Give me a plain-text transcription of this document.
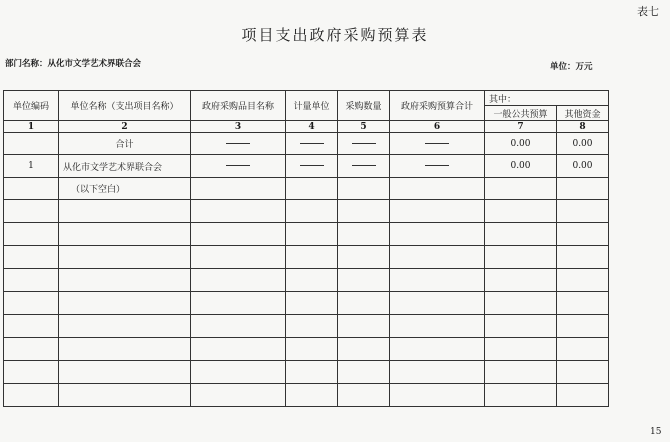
表七
项目支出政府采购预算表
部门名称：从化市文学艺术界联合会	单位：万元
单位编码	单位名称（支出项目名称）	政府采购品目名称	计量单位	采购数量	政府采购预算合计	其中：	
						一般公共预算	其他资金
1	2	3	4	5	6	7	8
	合计					0.00	0.00
1	从化市文学艺术界联合会					0.00	0.00
	（以下空白）						

15
